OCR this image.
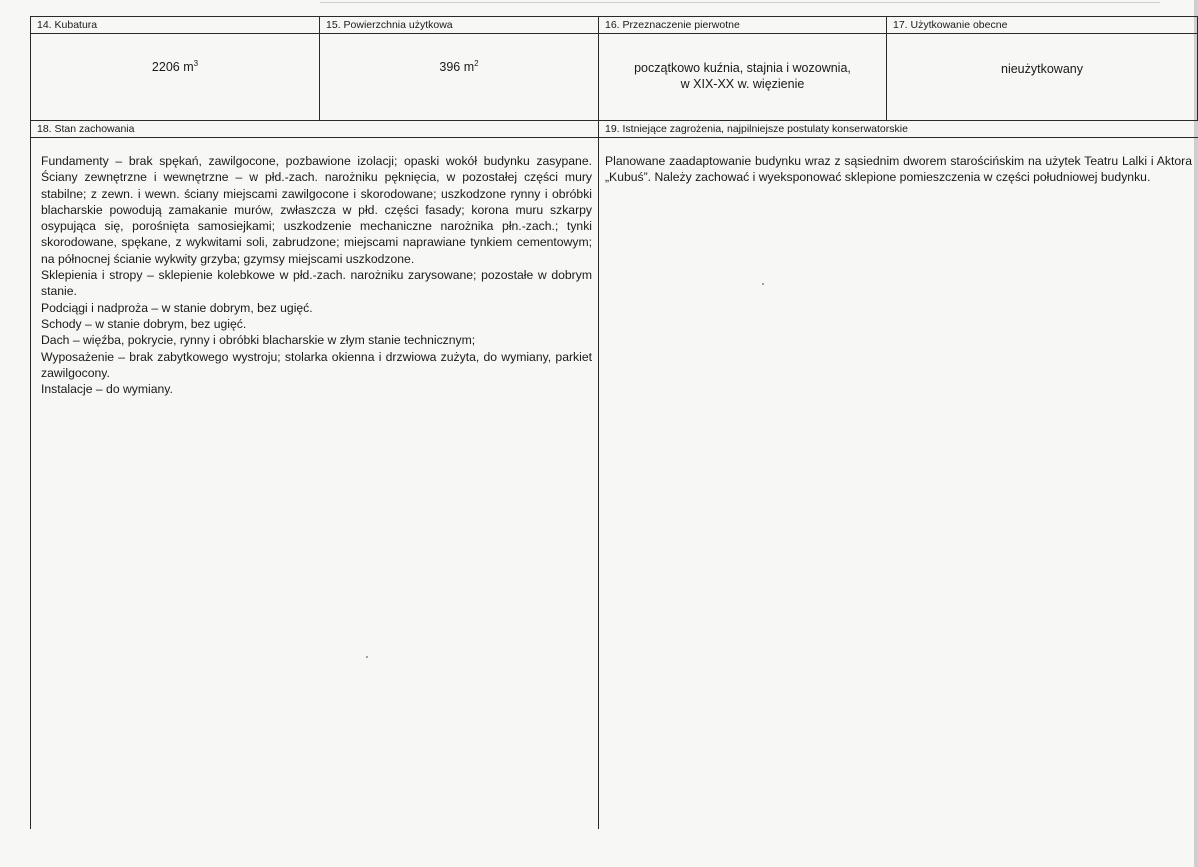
14. Kubatura
2206 $m^3$
15. Powierzchnia użytkowa
396 $m^2$
16. Przeznaczenie pierwotne
początkowo kuźnia, stajnia i wozownia,
w XIX-XX w. więzienie
17. Użytkowanie obecne
nieużytkowany
18. Stan zachowania

Fundamenty – brak spękań, zawilgocone, pozbawione izolacji; opaski wokół budynku zasypane. Ściany zewnętrzne i wewnętrzne – w płd.-zach. narożniku pęknięcia, w pozostałej części mury stabilne; z zewn. i wewn. ściany miejscami zawilgocone i skorodowane; uszkodzone rynny i obróbki blacharskie powodują zamakanie murów, zwłaszcza w płd. części fasady; korona muru szkarpy osypująca się, porośnięta samosiejkami; uszkodzenie mechaniczne narożnika płn.-zach.; tynki skorodowane, spękane, z wykwitami soli, zabrudzone; miejscami naprawiane tynkiem cementowym; na północnej ścianie wykwity grzyba; gzymsy miejscami uszkodzone.

Sklepienia i stropy – sklepienie kolebkowe w płd.-zach. narożniku zarysowane; pozostałe w dobrym stanie.

Podciągi i nadproża – w stanie dobrym, bez ugięć.

Schody – w stanie dobrym, bez ugięć.

Dach – więźba, pokrycie, rynny i obróbki blacharskie w złym stanie technicznym;

Wyposażenie – brak zabytkowego wystroju; stolarka okienna i drzwiowa zużyta, do wymiany, parkiet zawilgocony.

Instalacje – do wymiany.

19. Istniejące zagrożenia, najpilniejsze postulaty konserwatorskie
Planowane zaadaptowanie budynku wraz z sąsiednim dworem starościńskim na użytek Teatru Lalki i Aktora „Kubuś”. Należy zachować i wyeksponować sklepione pomieszczenia w części południowej budynku.
